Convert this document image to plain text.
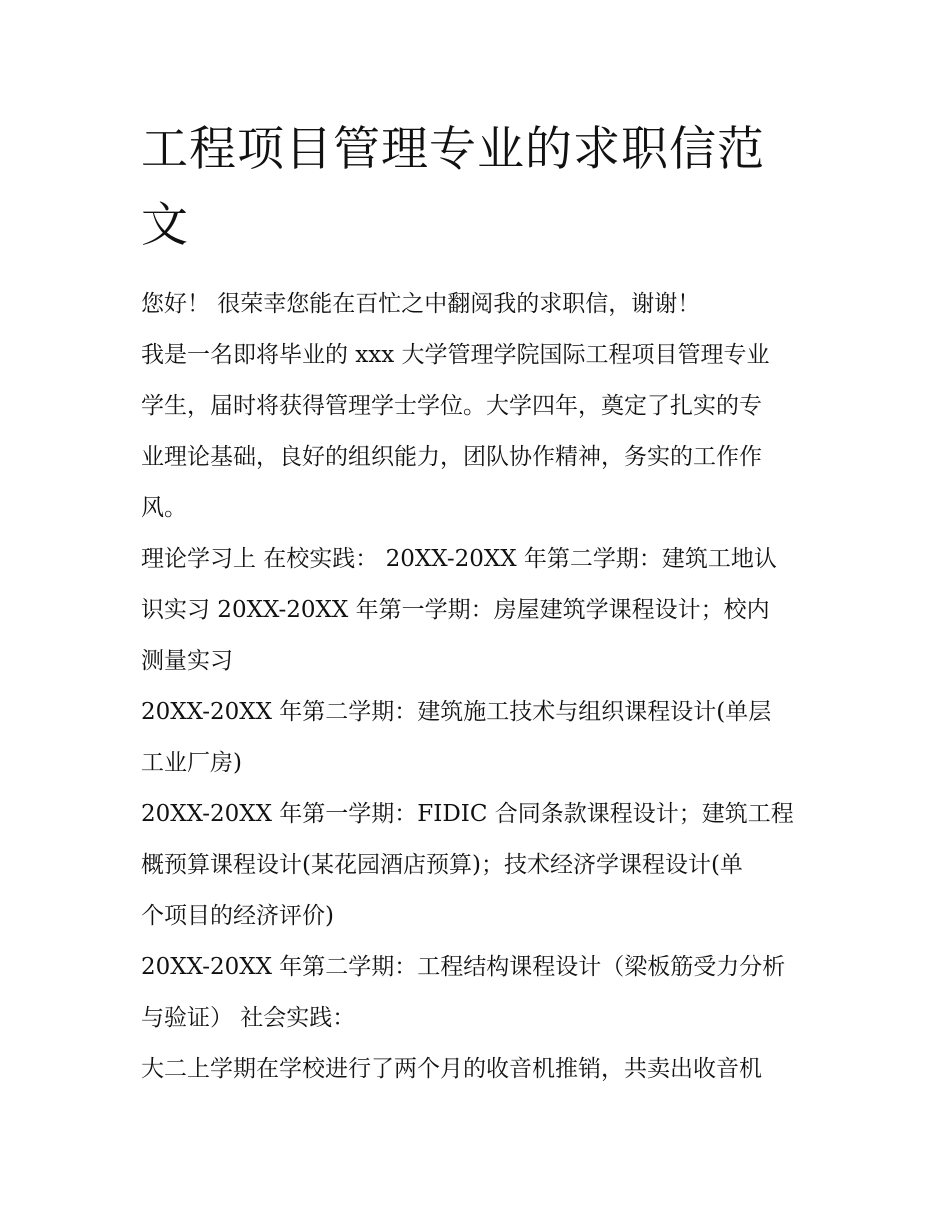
工程项目管理专业的求职信范
文

您好！ 很荣幸您能在百忙之中翻阅我的求职信，谢谢！

我是一名即将毕业的 xxx 大学管理学院国际工程项目管理专业
学生，届时将获得管理学士学位。大学四年，奠定了扎实的专
业理论基础，良好的组织能力，团队协作精神，务实的工作作
风。

理论学习上 在校实践： 20XX-20XX 年第二学期：建筑工地认
识实习 20XX-20XX 年第一学期：房屋建筑学课程设计；校内
测量实习

20XX-20XX 年第二学期：建筑施工技术与组织课程设计(单层
工业厂房)

20XX-20XX 年第一学期：FIDIC 合同条款课程设计；建筑工程
概预算课程设计(某花园酒店预算)；技术经济学课程设计(单
个项目的经济评价)

20XX-20XX 年第二学期：工程结构课程设计（梁板筋受力分析
与验证） 社会实践：

大二上学期在学校进行了两个月的收音机推销，共卖出收音机
